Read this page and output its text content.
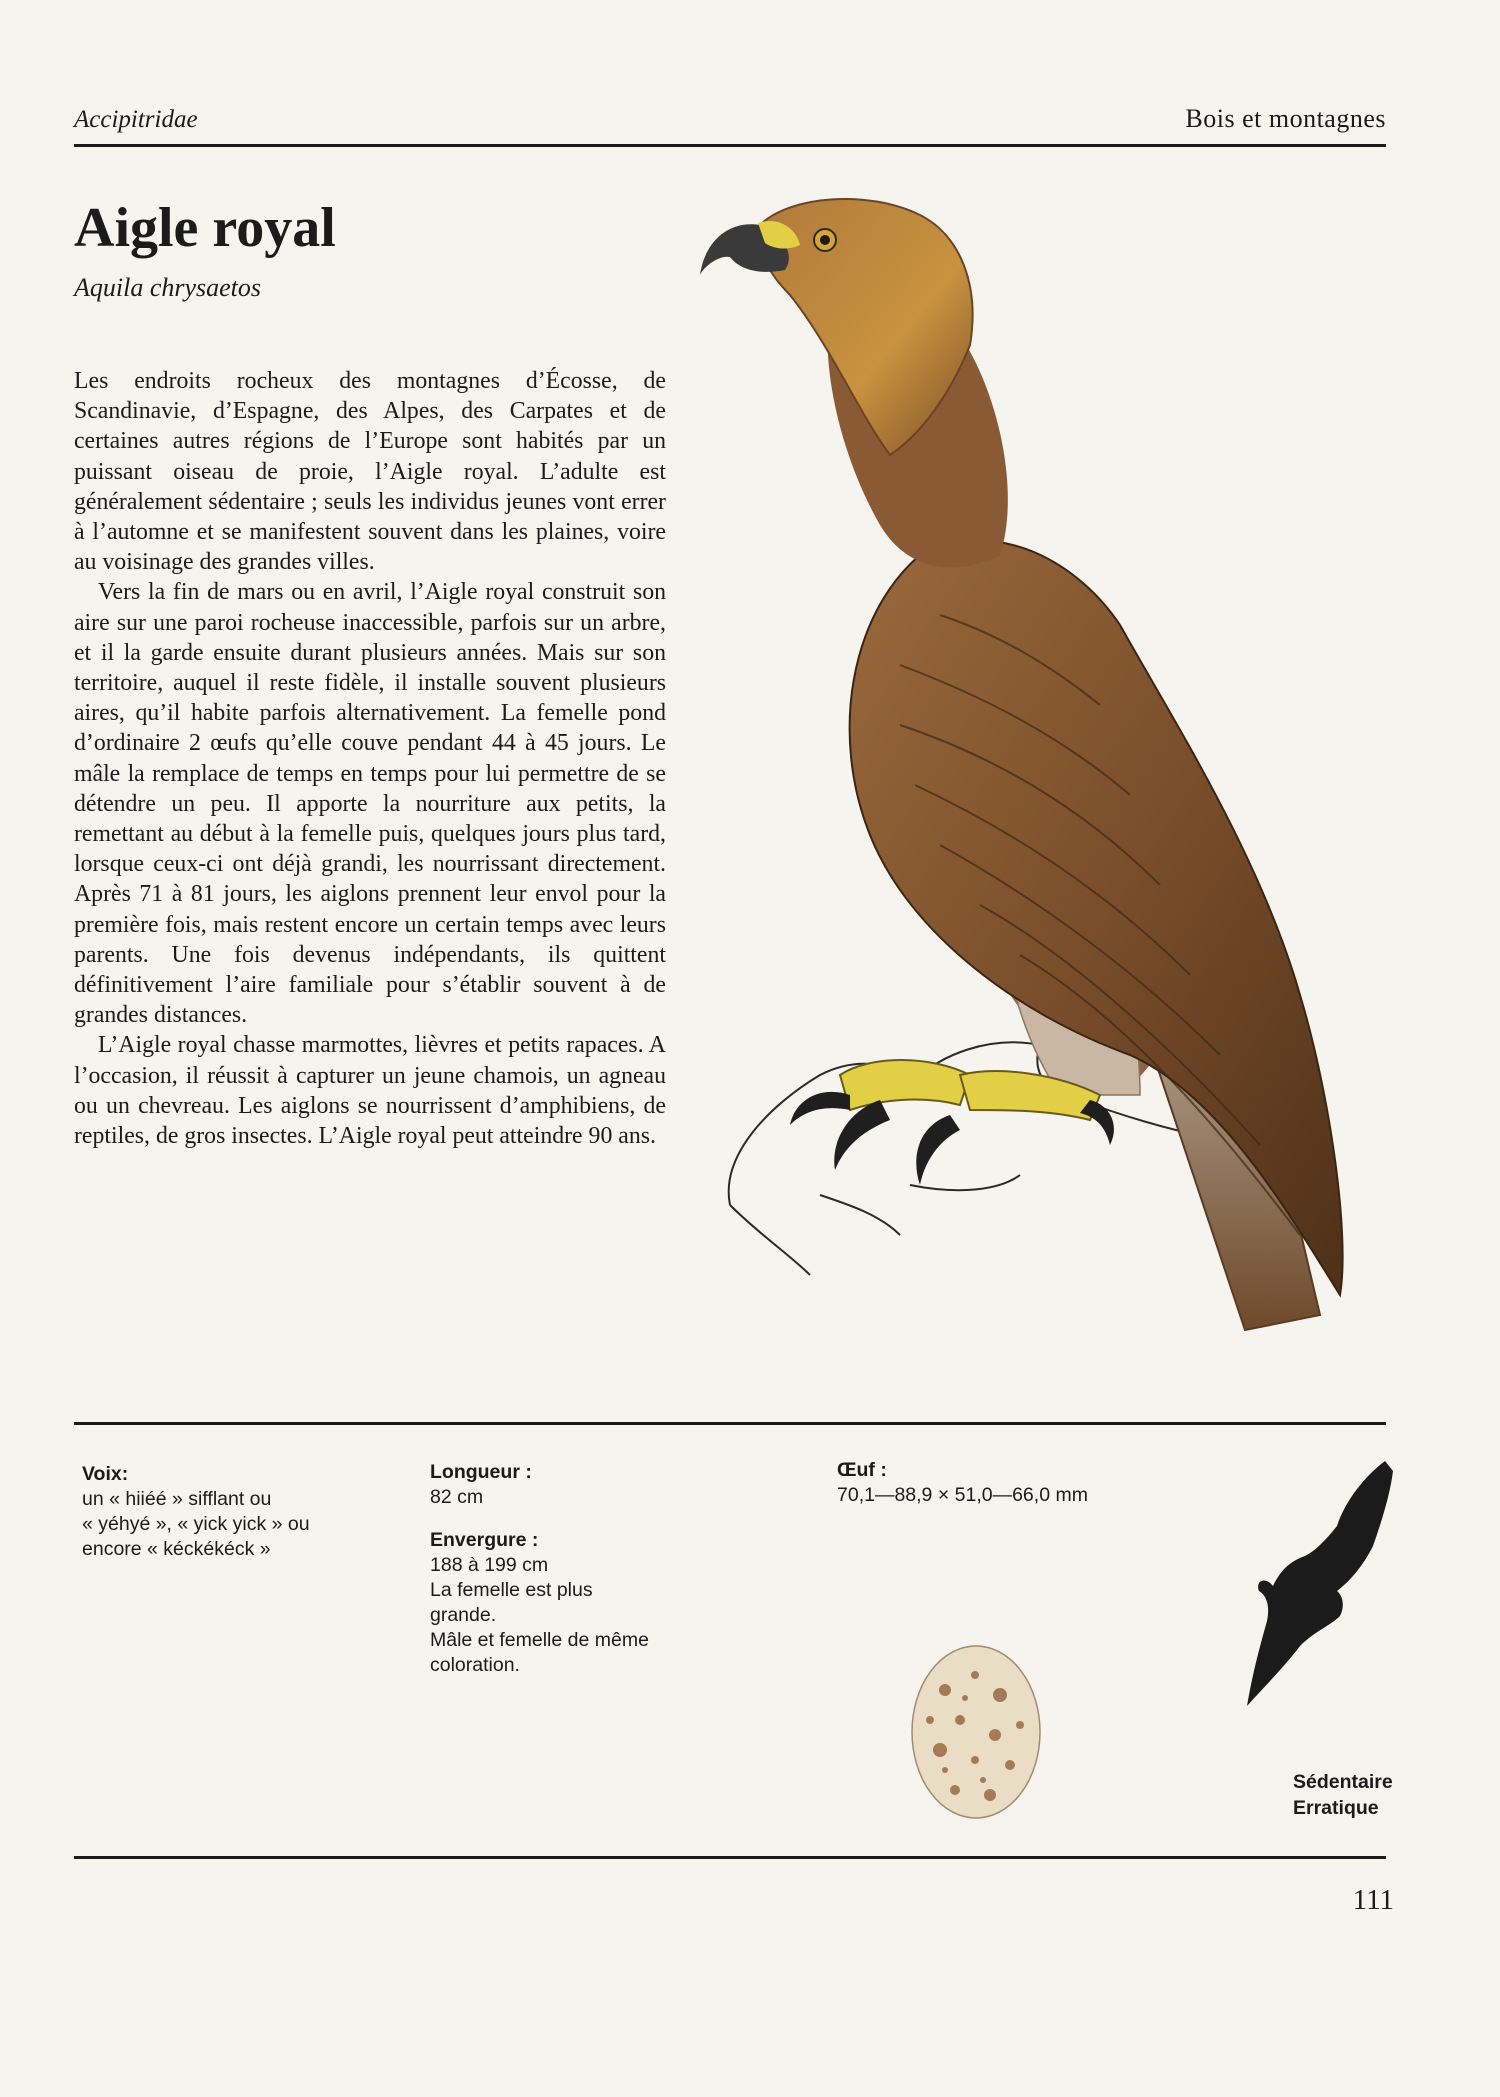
Accipitridae	Bois et montagnes
Aigle royal
Aquila chrysaetos

Les endroits rocheux des montagnes d’Écosse, de Scandinavie, d’Espagne, des Alpes, des Carpates et de certaines autres régions de l’Europe sont habités par un puissant oiseau de proie, l’Aigle royal. L’adulte est généralement sédentaire ; seuls les individus jeunes vont errer à l’automne et se manifestent souvent dans les plaines, voire au voisinage des grandes villes.

Vers la fin de mars ou en avril, l’Aigle royal construit son aire sur une paroi rocheuse inaccessible, parfois sur un arbre, et il la garde ensuite durant plusieurs années. Mais sur son territoire, auquel il reste fidèle, il installe souvent plusieurs aires, qu’il habite parfois alternativement. La femelle pond d’ordinaire 2 œufs qu’elle couve pendant 44 à 45 jours. Le mâle la remplace de temps en temps pour lui permettre de se détendre un peu. Il apporte la nourriture aux petits, la remettant au début à la femelle puis, quelques jours plus tard, lorsque ceux-ci ont déjà grandi, les nourrissant directement. Après 71 à 81 jours, les aiglons prennent leur envol pour la première fois, mais restent encore un certain temps avec leurs parents. Une fois devenus indépendants, ils quittent définitivement l’aire familiale pour s’établir souvent à de grandes distances.

L’Aigle royal chasse marmottes, lièvres et petits rapaces. A l’occasion, il réussit à capturer un jeune chamois, un agneau ou un chevreau. Les aiglons se nourrissent d’amphibiens, de reptiles, de gros insectes. L’Aigle royal peut atteindre 90 ans.

Voix:
un « hiiéé » sifflant ou
« yéhyé », « yick yick » ou
encore « kéckékéck »
Longueur :
82 cm
Envergure :
188 à 199 cm
La femelle est plus
grande.
Mâle et femelle de même
coloration.
Œuf :
70,1—88,9 × 51,0—66,0 mm
Sédentaire
Erratique
111
